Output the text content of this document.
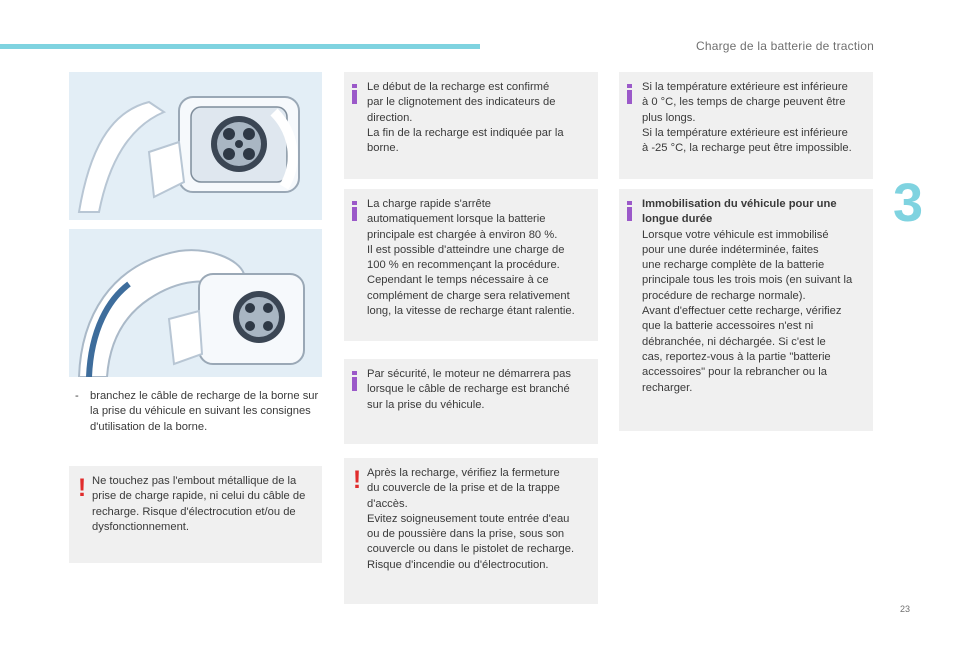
Charge de la batterie de traction
3
23
- branchez le câble de recharge de la borne sur la prise du véhicule en suivant les consignes d'utilisation de la borne.
! Ne touchez pas l'embout métallique de la prise de charge rapide, ni celui du câble de recharge. Risque d'électrocution et/ou de dysfonctionnement.
Le début de la recharge est confirmé
par le clignotement des indicateurs de
direction.
La fin de la recharge est indiquée par la
borne.
La charge rapide s'arrête
automatiquement lorsque la batterie
principale est chargée à environ 80 %.
Il est possible d'atteindre une charge de
100 % en recommençant la procédure.
Cependant le temps nécessaire à ce
complément de charge sera relativement
long, la vitesse de recharge étant ralentie.
Par sécurité, le moteur ne démarrera pas
lorsque le câble de recharge est branché
sur la prise du véhicule.
! Après la recharge, vérifiez la fermeture
du couvercle de la prise et de la trappe
d'accès.
Evitez soigneusement toute entrée d'eau
ou de poussière dans la prise, sous son
couvercle ou dans le pistolet de recharge.
Risque d'incendie ou d'électrocution.
Si la température extérieure est inférieure
à 0 °C, les temps de charge peuvent être
plus longs.
Si la température extérieure est inférieure
à -25 °C, la recharge peut être impossible.
Immobilisation du véhicule pour une
longue durée
Lorsque votre véhicule est immobilisé
pour une durée indéterminée, faites
une recharge complète de la batterie
principale tous les trois mois (en suivant la
procédure de recharge normale).
Avant d'effectuer cette recharge, vérifiez
que la batterie accessoires n'est ni
débranchée, ni déchargée. Si c'est le
cas, reportez-vous à la partie "batterie
accessoires" pour la rebrancher ou la
recharger.
